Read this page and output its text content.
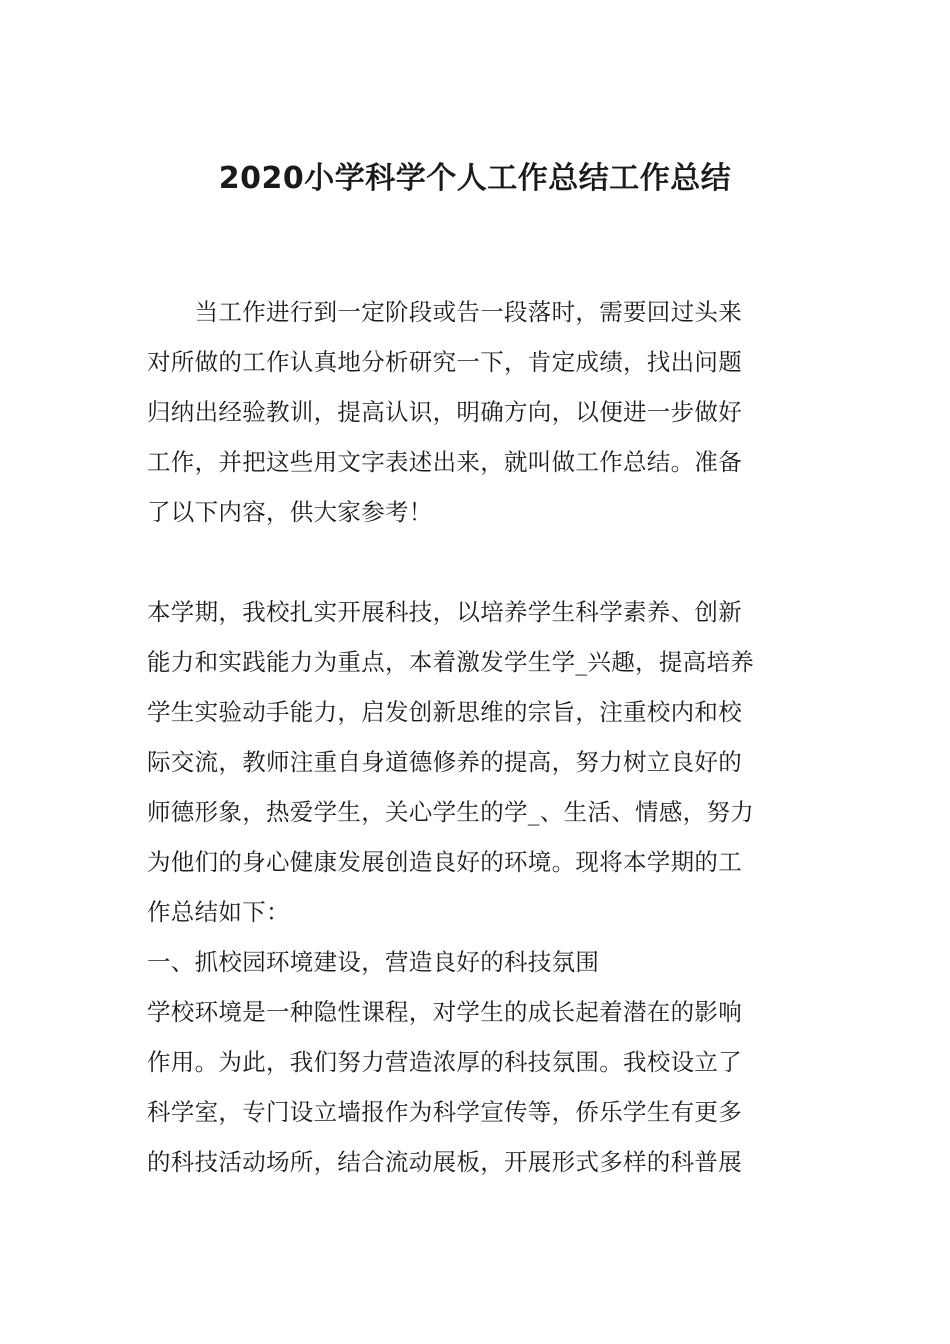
2020小学科学个人工作总结工作总结
　　当工作进行到一定阶段或告一段落时，需要回过头来
对所做的工作认真地分析研究一下，肯定成绩，找出问题
归纳出经验教训，提高认识，明确方向，以便进一步做好
工作，并把这些用文字表述出来，就叫做工作总结。准备
了以下内容，供大家参考！
本学期，我校扎实开展科技，以培养学生科学素养、创新
能力和实践能力为重点，本着激发学生学_兴趣，提高培养
学生实验动手能力，启发创新思维的宗旨，注重校内和校
际交流，教师注重自身道德修养的提高，努力树立良好的
师德形象，热爱学生，关心学生的学_、生活、情感，努力
为他们的身心健康发展创造良好的环境。现将本学期的工
作总结如下：
一、抓校园环境建设，营造良好的科技氛围
学校环境是一种隐性课程，对学生的成长起着潜在的影响
作用。为此，我们努力营造浓厚的科技氛围。我校设立了
科学室，专门设立墙报作为科学宣传等，侨乐学生有更多
的科技活动场所，结合流动展板，开展形式多样的科普展
